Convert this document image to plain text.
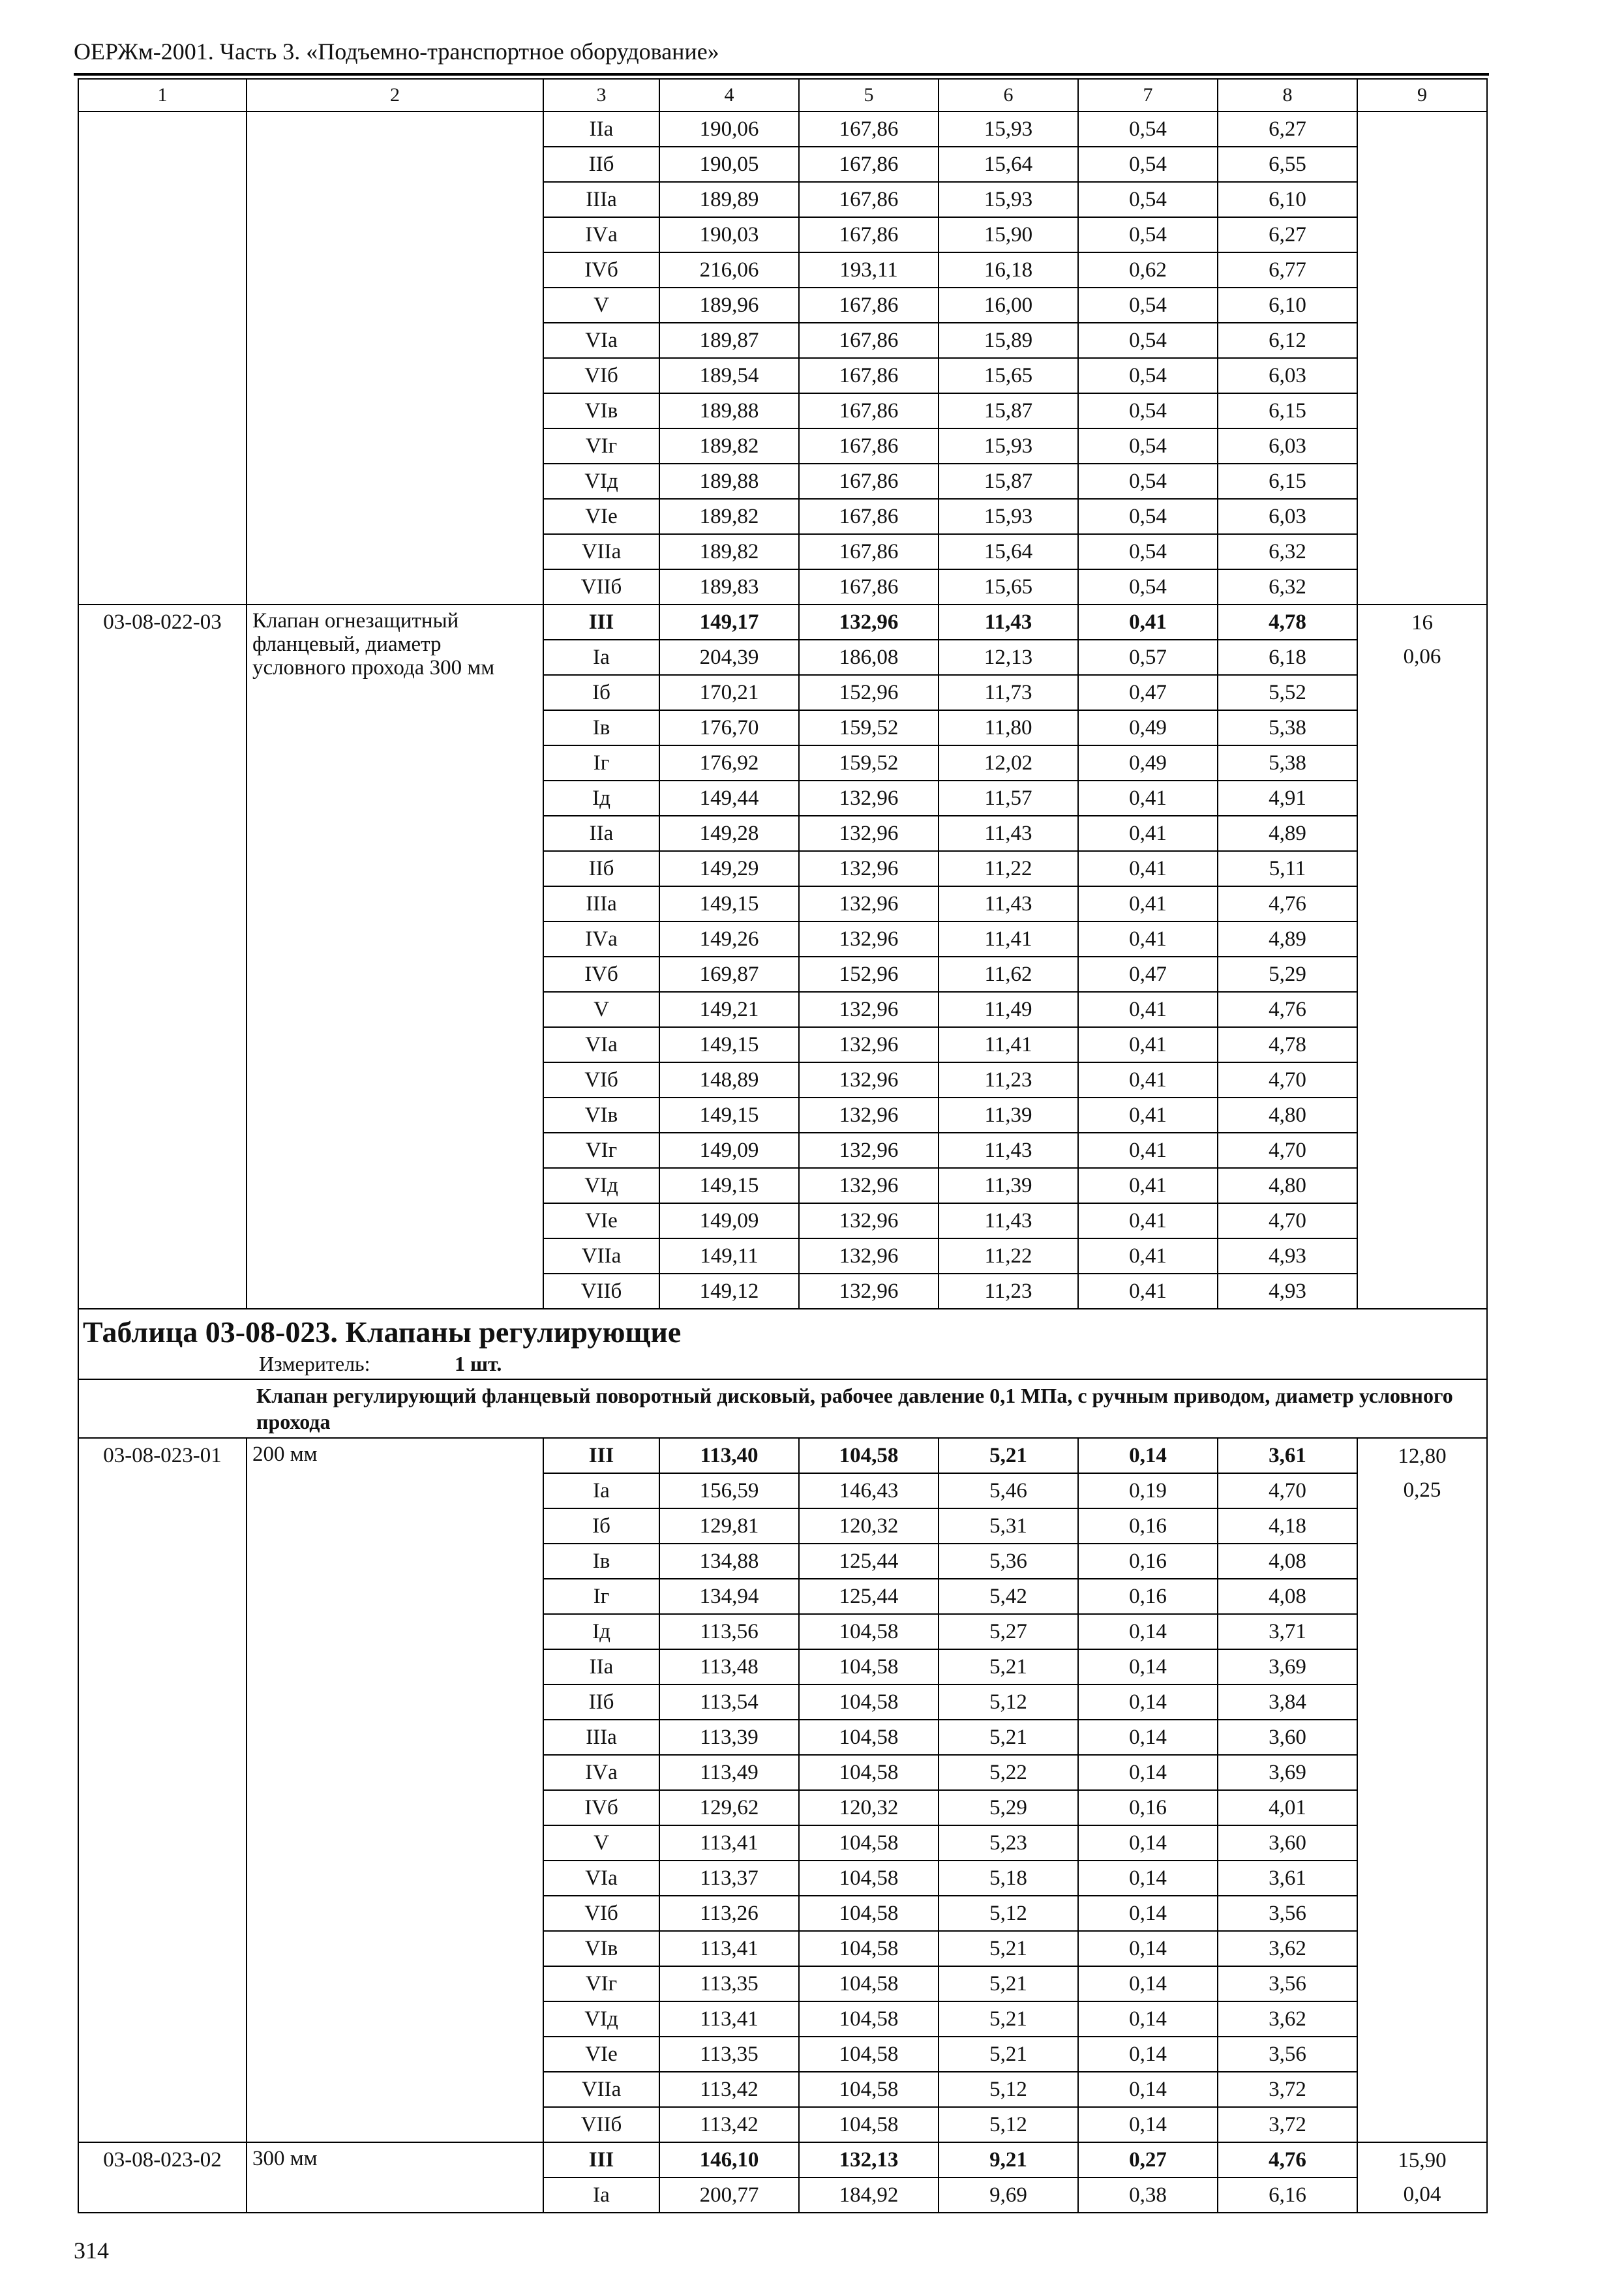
ОЕРЖм-2001. Часть 3. «Подъемно-транспортное оборудование»
1	2	3	4	5	6	7	8	9
		IIа	190,06	167,86	15,93	0,54	6,27	
		IIб	190,05	167,86	15,64	0,54	6,55	
		IIIа	189,89	167,86	15,93	0,54	6,10	
		IVа	190,03	167,86	15,90	0,54	6,27	
		IVб	216,06	193,11	16,18	0,62	6,77	
		V	189,96	167,86	16,00	0,54	6,10	
		VIа	189,87	167,86	15,89	0,54	6,12	
		VIб	189,54	167,86	15,65	0,54	6,03	
		VIв	189,88	167,86	15,87	0,54	6,15	
		VIг	189,82	167,86	15,93	0,54	6,03	
		VIд	189,88	167,86	15,87	0,54	6,15	
		VIе	189,82	167,86	15,93	0,54	6,03	
		VIIа	189,82	167,86	15,64	0,54	6,32	
		VIIб	189,83	167,86	15,65	0,54	6,32	
03-08-022-03	Клапан огнезащитный фланцевый, диаметр условного прохода 300 мм	III	149,17	132,96	11,43	0,41	4,78	16
		Iа	204,39	186,08	12,13	0,57	6,18	0,06
		Iб	170,21	152,96	11,73	0,47	5,52	
		Iв	176,70	159,52	11,80	0,49	5,38	
		Iг	176,92	159,52	12,02	0,49	5,38	
		Iд	149,44	132,96	11,57	0,41	4,91	
		IIа	149,28	132,96	11,43	0,41	4,89	
		IIб	149,29	132,96	11,22	0,41	5,11	
		IIIа	149,15	132,96	11,43	0,41	4,76	
		IVа	149,26	132,96	11,41	0,41	4,89	
		IVб	169,87	152,96	11,62	0,47	5,29	
		V	149,21	132,96	11,49	0,41	4,76	
		VIа	149,15	132,96	11,41	0,41	4,78	
		VIб	148,89	132,96	11,23	0,41	4,70	
		VIв	149,15	132,96	11,39	0,41	4,80	
		VIг	149,09	132,96	11,43	0,41	4,70	
		VIд	149,15	132,96	11,39	0,41	4,80	
		VIе	149,09	132,96	11,43	0,41	4,70	
		VIIа	149,11	132,96	11,22	0,41	4,93	
		VIIб	149,12	132,96	11,23	0,41	4,93	

Таблица 03-08-023. Клапаны регулирующие
Измеритель: 1 шт.								

Клапан регулирующий фланцевый поворотный дисковый, рабочее давление 0,1 МПа, с ручным приводом, диаметр условного прохода								
03-08-023-01	200 мм	III	113,40	104,58	5,21	0,14	3,61	12,80
		Iа	156,59	146,43	5,46	0,19	4,70	0,25
		Iб	129,81	120,32	5,31	0,16	4,18	
		Iв	134,88	125,44	5,36	0,16	4,08	
		Iг	134,94	125,44	5,42	0,16	4,08	
		Iд	113,56	104,58	5,27	0,14	3,71	
		IIа	113,48	104,58	5,21	0,14	3,69	
		IIб	113,54	104,58	5,12	0,14	3,84	
		IIIа	113,39	104,58	5,21	0,14	3,60	
		IVа	113,49	104,58	5,22	0,14	3,69	
		IVб	129,62	120,32	5,29	0,16	4,01	
		V	113,41	104,58	5,23	0,14	3,60	
		VIа	113,37	104,58	5,18	0,14	3,61	
		VIб	113,26	104,58	5,12	0,14	3,56	
		VIв	113,41	104,58	5,21	0,14	3,62	
		VIг	113,35	104,58	5,21	0,14	3,56	
		VIд	113,41	104,58	5,21	0,14	3,62	
		VIе	113,35	104,58	5,21	0,14	3,56	
		VIIа	113,42	104,58	5,12	0,14	3,72	
		VIIб	113,42	104,58	5,12	0,14	3,72	
03-08-023-02	300 мм	III	146,10	132,13	9,21	0,27	4,76	15,90
		Iа	200,77	184,92	9,69	0,38	6,16	0,04
314
